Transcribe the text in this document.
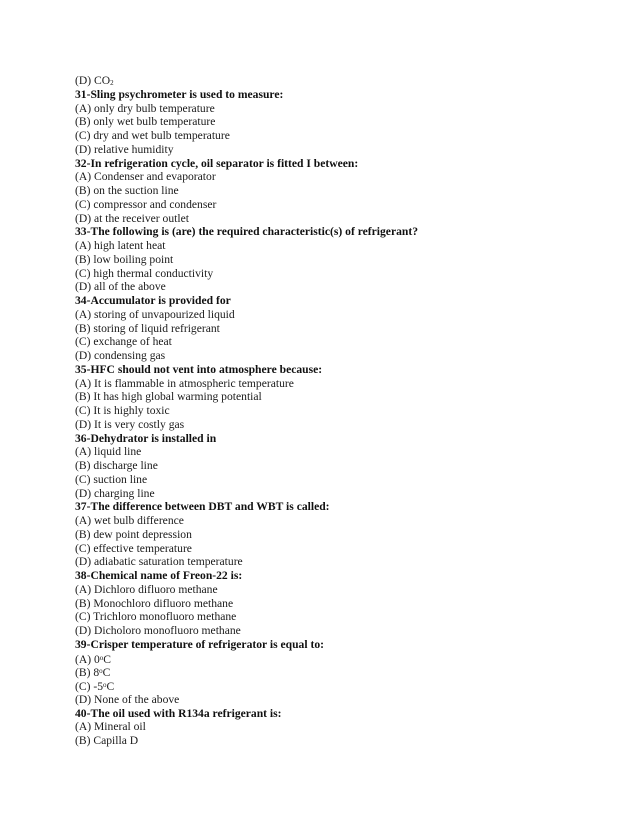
(D) CO2
31-Sling psychrometer is used to measure:
(A) only dry bulb temperature
(B) only wet bulb temperature
(C) dry and wet bulb temperature
(D) relative humidity
32-In refrigeration cycle, oil separator is fitted I between:
(A) Condenser and evaporator
(B) on the suction line
(C) compressor and condenser
(D) at the receiver outlet
33-The following is (are) the required characteristic(s) of refrigerant?
(A) high latent heat
(B) low boiling point
(C) high thermal conductivity
(D) all of the above
34-Accumulator is provided for
(A) storing of unvapourized liquid
(B) storing of liquid refrigerant
(C) exchange of heat
(D) condensing gas
35-HFC should not vent into atmosphere because:
(A) It is flammable in atmospheric temperature
(B) It has high global warming potential
(C) It is highly toxic
(D) It is very costly gas
36-Dehydrator is installed in
(A) liquid line
(B) discharge line
(C) suction line
(D) charging line
37-The difference between DBT and WBT is called:
(A) wet bulb difference
(B) dew point depression
(C) effective temperature
(D) adiabatic saturation temperature
38-Chemical name of Freon-22 is:
(A) Dichloro difluoro methane
(B) Monochloro difluoro methane
(C) Trichloro monofluoro methane
(D) Dicholoro monofluoro methane
39-Crisper temperature of refrigerator is equal to:
(A) 0$^o$C
(B) 8$^o$C
(C) -5$^o$C
(D) None of the above
40-The oil used with R134a refrigerant is:
(A) Mineral oil
(B) Capilla D
